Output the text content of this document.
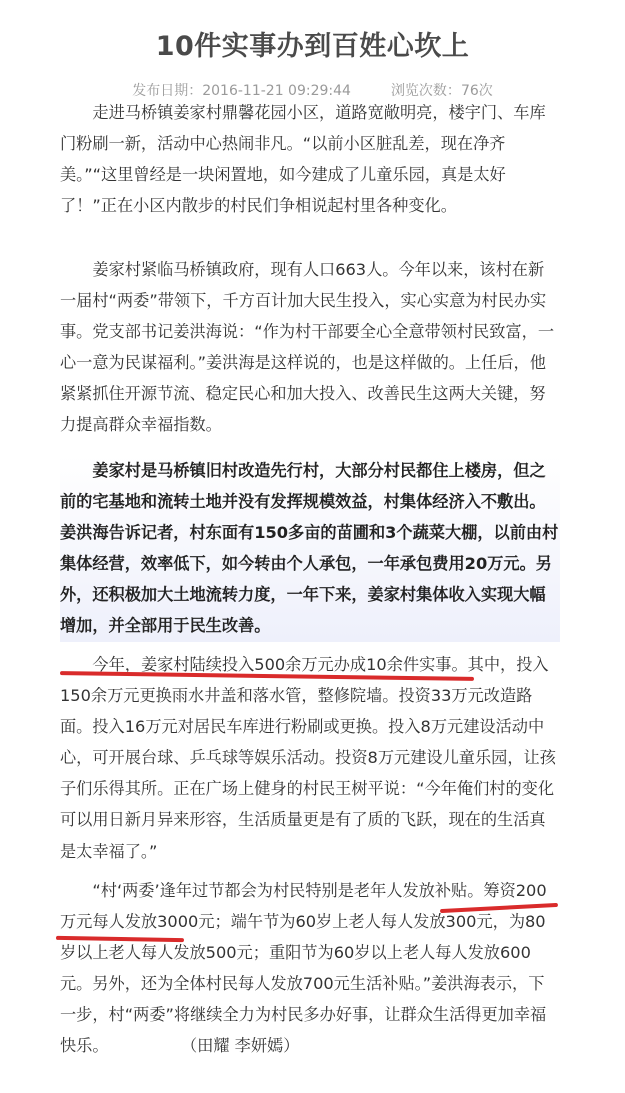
10件实事办到百姓心坎上
发布日期：2016-11-21 09:29:44	浏览次数：76次

走进马桥镇姜家村鼎馨花园小区，道路宽敞明亮，楼宇门、车库门粉刷一新，活动中心热闹非凡。“以前小区脏乱差，现在净齐美。”“这里曾经是一块闲置地，如今建成了儿童乐园，真是太好了！”正在小区内散步的村民们争相说起村里各种变化。

姜家村紧临马桥镇政府，现有人口663人。今年以来，该村在新一届村“两委”带领下，千方百计加大民生投入，实心实意为村民办实事。党支部书记姜洪海说：“作为村干部要全心全意带领村民致富，一心一意为民谋福利。”姜洪海是这样说的，也是这样做的。上任后，他紧紧抓住开源节流、稳定民心和加大投入、改善民生这两大关键，努力提高群众幸福指数。

姜家村是马桥镇旧村改造先行村，大部分村民都住上楼房，但之前的宅基地和流转土地并没有发挥规模效益，村集体经济入不敷出。姜洪海告诉记者，村东面有150多亩的苗圃和3个蔬菜大棚，以前由村集体经营，效率低下，如今转由个人承包，一年承包费用20万元。另外，还积极加大土地流转力度，一年下来，姜家村集体收入实现大幅增加，并全部用于民生改善。

今年，姜家村陆续投入500余万元办成10余件实事。其中，投入150余万元更换雨水井盖和落水管，整修院墙。投资33万元改造路面。投入16万元对居民车库进行粉刷或更换。投入8万元建设活动中心，可开展台球、乒乓球等娱乐活动。投资8万元建设儿童乐园，让孩子们乐得其所。正在广场上健身的村民王树平说：“今年俺们村的变化可以用日新月异来形容，生活质量更是有了质的飞跃，现在的生活真是太幸福了。”

“村‘两委’逢年过节都会为村民特别是老年人发放补贴。筹资200万元每人发放3000元；端午节为60岁上老人每人发放300元，为80岁以上老人每人发放500元；重阳节为60岁以上老人每人发放600元。另外，还为全体村民每人发放700元生活补贴。”姜洪海表示，下一步，村“两委”将继续全力为村民多办好事，让群众生活得更加幸福快乐。	（田耀 李妍嫣）
